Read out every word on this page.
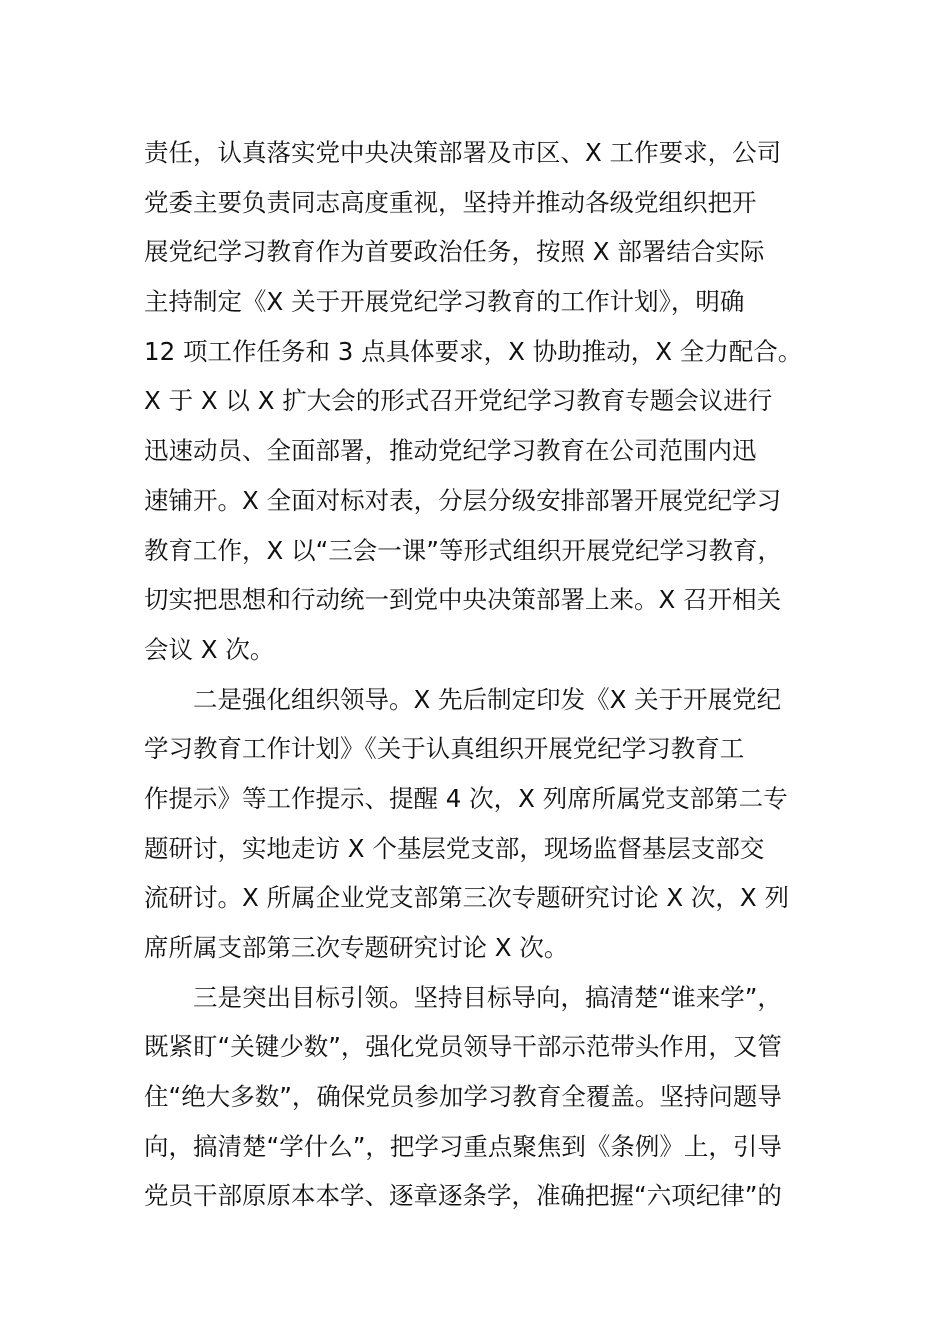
责任，认真落实党中央决策部署及市区、X 工作要求，公司
党委主要负责同志高度重视，坚持并推动各级党组织把开
展党纪学习教育作为首要政治任务，按照 X 部署结合实际
主持制定《X 关于开展党纪学习教育的工作计划》，明确
12 项工作任务和 3 点具体要求，X 协助推动，X 全力配合。
X 于 X 以 X 扩大会的形式召开党纪学习教育专题会议进行
迅速动员、全面部署，推动党纪学习教育在公司范围内迅
速铺开。X 全面对标对表，分层分级安排部署开展党纪学习
教育工作，X 以“三会一课”等形式组织开展党纪学习教育，
切实把思想和行动统一到党中央决策部署上来。X 召开相关
会议 X 次。
二是强化组织领导。X 先后制定印发《X 关于开展党纪
学习教育工作计划》《关于认真组织开展党纪学习教育工
作提示》等工作提示、提醒 4 次，X 列席所属党支部第二专
题研讨，实地走访 X 个基层党支部，现场监督基层支部交
流研讨。X 所属企业党支部第三次专题研究讨论 X 次，X 列
席所属支部第三次专题研究讨论 X 次。
三是突出目标引领。坚持目标导向，搞清楚“谁来学”，
既紧盯“关键少数”，强化党员领导干部示范带头作用，又管
住“绝大多数”，确保党员参加学习教育全覆盖。坚持问题导
向，搞清楚“学什么”，把学习重点聚焦到《条例》上，引导
党员干部原原本本学、逐章逐条学，准确把握“六项纪律”的
